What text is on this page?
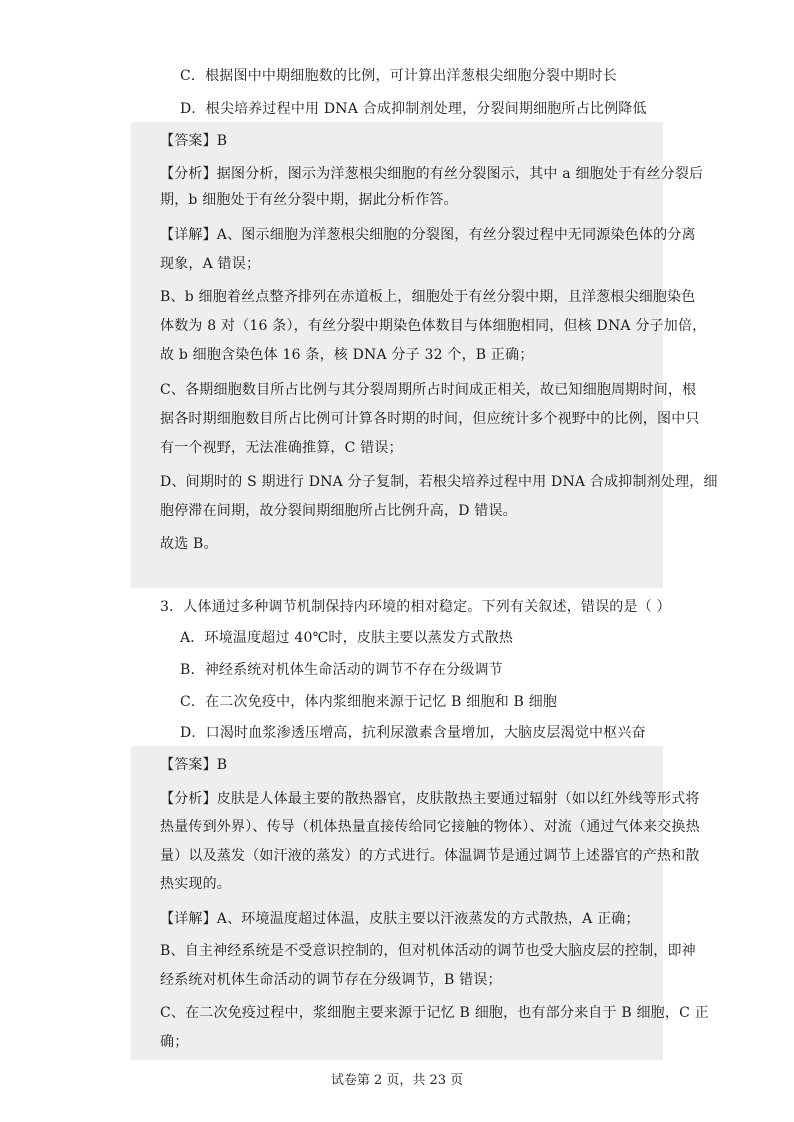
C．根据图中中期细胞数的比例，可计算出洋葱根尖细胞分裂中期时长
D．根尖培养过程中用 DNA 合成抑制剂处理，分裂间期细胞所占比例降低
【答案】B
【分析】据图分析，图示为洋葱根尖细胞的有丝分裂图示，其中 a 细胞处于有丝分裂后
期，b 细胞处于有丝分裂中期，据此分析作答。
【详解】A、图示细胞为洋葱根尖细胞的分裂图，有丝分裂过程中无同源染色体的分离
现象，A 错误；
B、b 细胞着丝点整齐排列在赤道板上，细胞处于有丝分裂中期，且洋葱根尖细胞染色
体数为 8 对（16 条），有丝分裂中期染色体数目与体细胞相同，但核 DNA 分子加倍，
故 b 细胞含染色体 16 条，核 DNA 分子 32 个，B 正确；
C、各期细胞数目所占比例与其分裂周期所占时间成正相关，故已知细胞周期时间，根
据各时期细胞数目所占比例可计算各时期的时间，但应统计多个视野中的比例，图中只
有一个视野，无法准确推算，C 错误；
D、间期时的 S 期进行 DNA 分子复制，若根尖培养过程中用 DNA 合成抑制剂处理，细
胞停滞在间期，故分裂间期细胞所占比例升高，D 错误。
故选 B。
3．人体通过多种调节机制保持内环境的相对稳定。下列有关叙述，错误的是（ ）
A．环境温度超过 40℃时，皮肤主要以蒸发方式散热
B．神经系统对机体生命活动的调节不存在分级调节
C．在二次免疫中，体内浆细胞来源于记忆 B 细胞和 B 细胞
D．口渴时血浆渗透压增高，抗利尿激素含量增加，大脑皮层渴觉中枢兴奋
【答案】B
【分析】皮肤是人体最主要的散热器官，皮肤散热主要通过辐射（如以红外线等形式将
热量传到外界）、传导（机体热量直接传给同它接触的物体）、对流（通过气体来交换热
量）以及蒸发（如汗液的蒸发）的方式进行。体温调节是通过调节上述器官的产热和散
热实现的。
【详解】A、环境温度超过体温，皮肤主要以汗液蒸发的方式散热，A 正确；
B、自主神经系统是不受意识控制的，但对机体活动的调节也受大脑皮层的控制，即神
经系统对机体生命活动的调节存在分级调节，B 错误；
C、在二次免疫过程中，浆细胞主要来源于记忆 B 细胞，也有部分来自于 B 细胞，C 正
确；
试卷第 2 页，共 23 页
